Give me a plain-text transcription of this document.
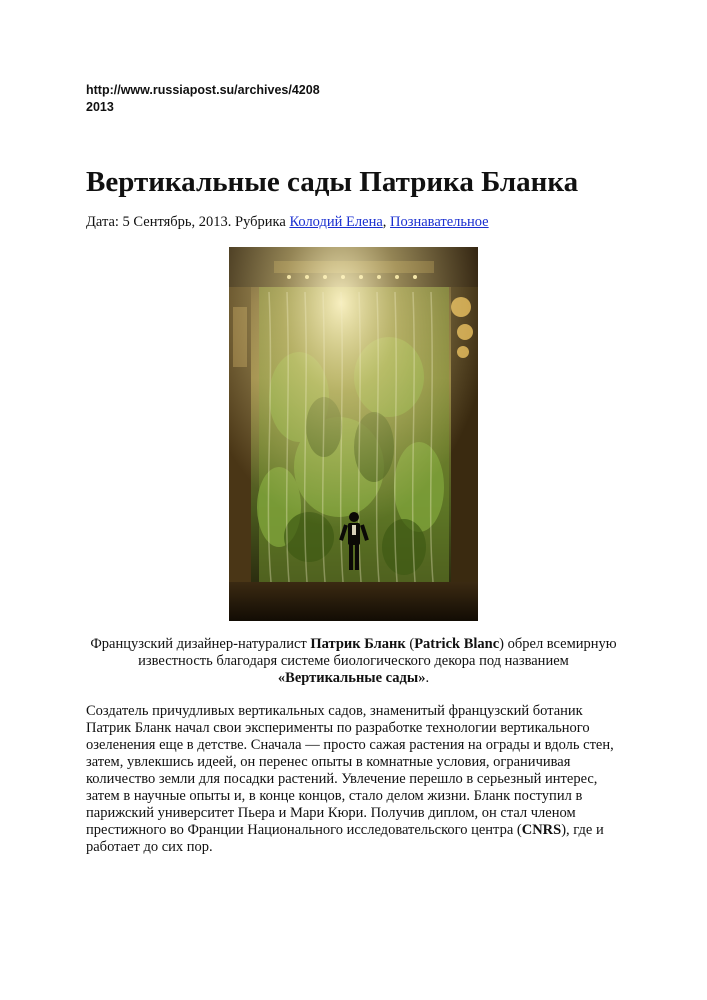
http://www.russiapost.su/archives/4208
2013
Вертикальные сады Патрика Бланка
Дата: 5 Сентябрь, 2013. Рубрика Колодий Елена, Познавательное

Французский дизайнер-натуралист Патрик Бланк (Patrick Blanc) обрел всемирную известность благодаря системе биологического декора под названием «Вертикальные сады».

Создатель причудливых вертикальных садов, знаменитый французский ботаник Патрик Бланк начал свои эксперименты по разработке технологии вертикального озеленения еще в детстве. Сначала — просто сажая растения на ограды и вдоль стен, затем, увлекшись идеей, он перенес опыты в комнатные условия, ограничивая количество земли для посадки растений. Увлечение перешло в серьезный интерес, затем в научные опыты и, в конце концов, стало делом жизни. Бланк поступил в парижский университет Пьера и Мари Кюри. Получив диплом, он стал членом престижного во Франции Национального исследовательского центра (CNRS), где и работает до сих пор.
